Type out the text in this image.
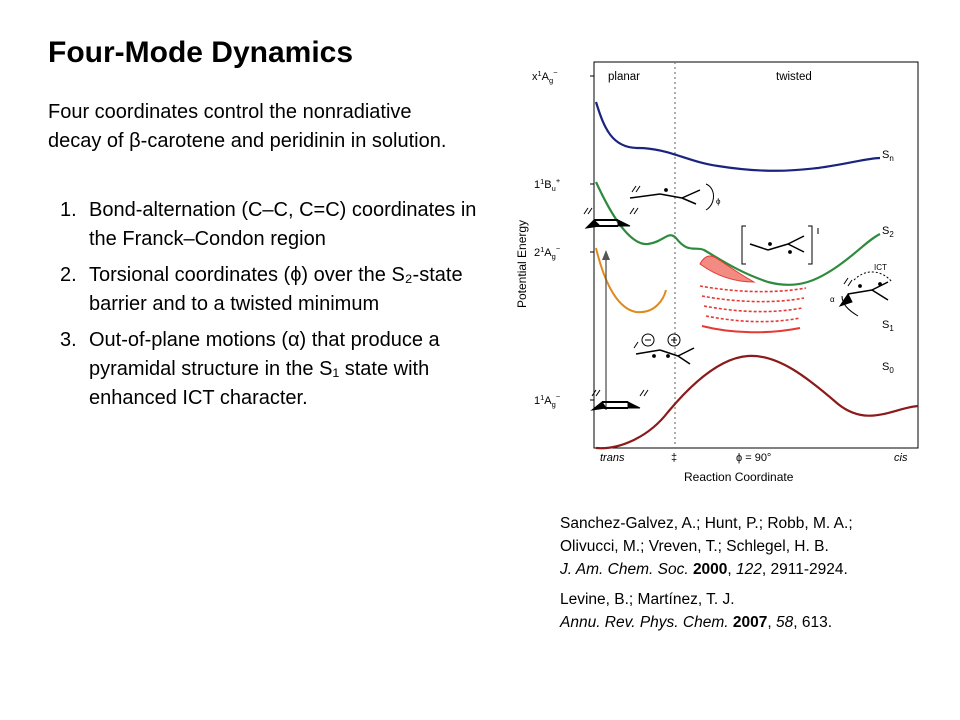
Four-Mode Dynamics
Four coordinates control the nonradiative decay of β-carotene and peridinin in solution.
1. Bond-alternation (C–C, C=C) coordinates in the Franck–Condon region
2. Torsional coordinates (ϕ) over the S₂-state barrier and to a twisted minimum
3. Out-of-plane motions (α) that produce a pyramidal structure in the S₁ state with enhanced ICT character.
planar	twisted
$x^1A_g^-$
$1^1B_u^+$
$2^1A_g^-$
$1^1A_g^-$
Potential Energy
ϕ
ICT
α
$S_n$
$S_2$
$S_1$
$S_0$
trans	‡	ϕ = 90°	cis
Reaction Coordinate
Sanchez-Galvez, A.; Hunt, P.; Robb, M. A.;
Olivucci, M.; Vreven, T.; Schlegel, H. B.
J. Am. Chem. Soc. 2000, 122, 2911-2924.
Levine, B.; Martínez, T. J.
Annu. Rev. Phys. Chem. 2007, 58, 613.
